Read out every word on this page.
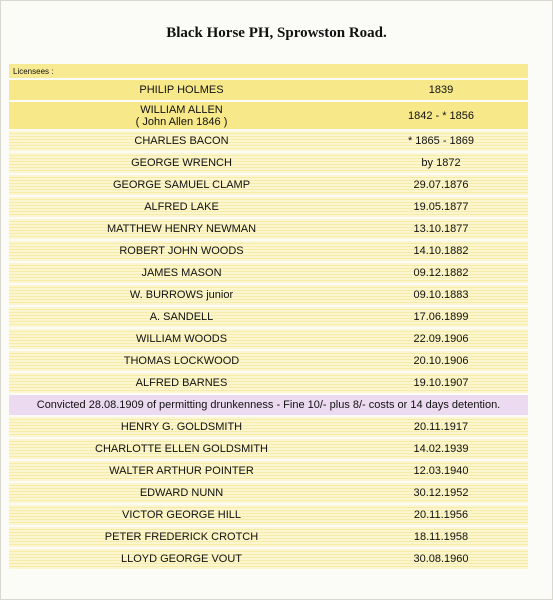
Black Horse PH, Sprowston Road.
Licensees :
PHILIP HOLMES	1839
WILLIAM ALLEN
( John Allen 1846 )	1842 - * 1856
CHARLES BACON	* 1865 - 1869
GEORGE WRENCH	by 1872
GEORGE SAMUEL CLAMP	29.07.1876
ALFRED LAKE	19.05.1877
MATTHEW HENRY NEWMAN	13.10.1877
ROBERT JOHN WOODS	14.10.1882
JAMES MASON	09.12.1882
W. BURROWS junior	09.10.1883
A. SANDELL	17.06.1899
WILLIAM WOODS	22.09.1906
THOMAS LOCKWOOD	20.10.1906
ALFRED BARNES	19.10.1907
Convicted 28.08.1909 of permitting drunkenness - Fine 10/- plus 8/- costs or 14 days detention.
HENRY G. GOLDSMITH	20.11.1917
CHARLOTTE ELLEN GOLDSMITH	14.02.1939
WALTER ARTHUR POINTER	12.03.1940
EDWARD NUNN	30.12.1952
VICTOR GEORGE HILL	20.11.1956
PETER FREDERICK CROTCH	18.11.1958
LLOYD GEORGE VOUT	30.08.1960
